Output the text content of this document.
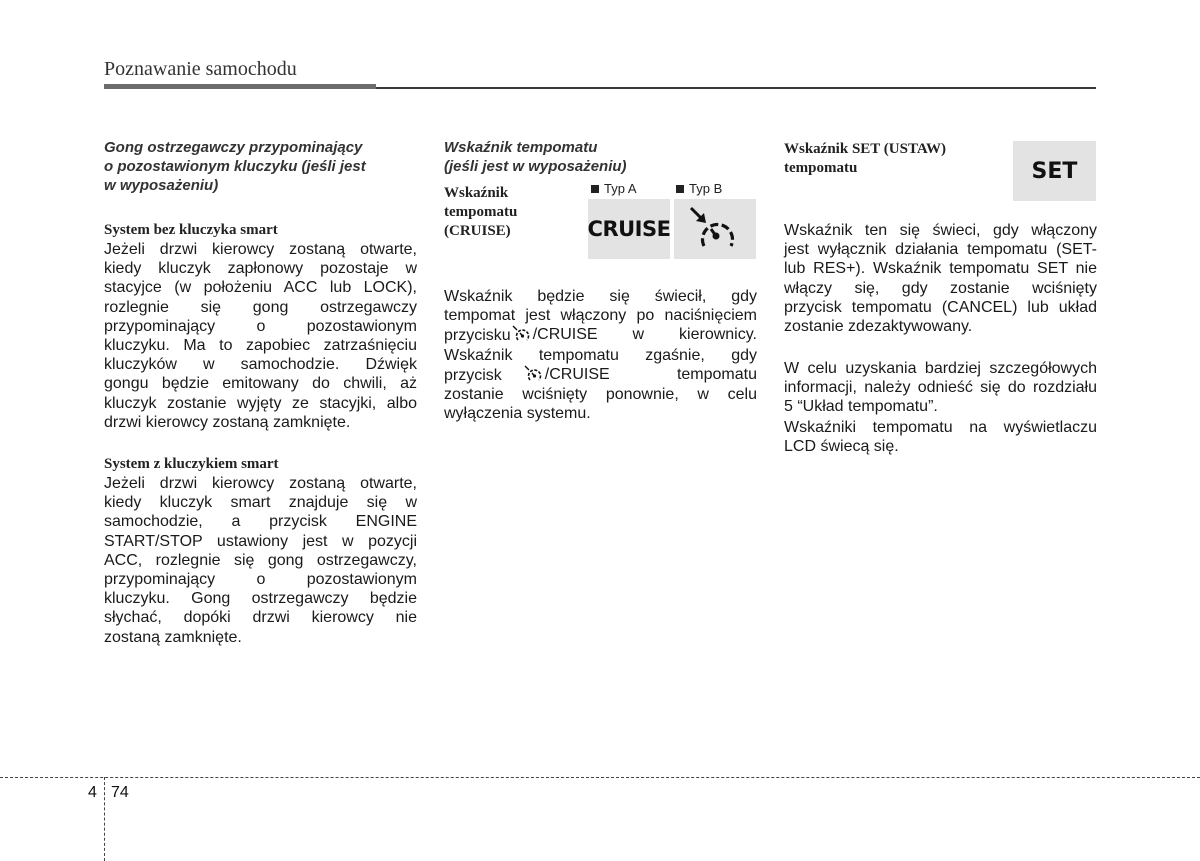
Poznawanie samochodu
Gong ostrzegawczy przypominający
o pozostawionym kluczyku (jeśli jest
w wyposażeniu)
System bez kluczyka smart
Jeżeli drzwi kierowcy zostaną otwarte,
kiedy kluczyk zapłonowy pozostaje w
stacyjce (w położeniu ACC lub LOCK),
rozlegnie się gong ostrzegawczy
przypominający o pozostawionym
kluczyku. Ma to zapobiec zatrzaśnięciu
kluczyków w samochodzie. Dźwięk
gongu będzie emitowany do chwili, aż
kluczyk zostanie wyjęty ze stacyjki, albo
drzwi kierowcy zostaną zamknięte.
System z kluczykiem smart
Jeżeli drzwi kierowcy zostaną otwarte,
kiedy kluczyk smart znajduje się w
samochodzie, a przycisk ENGINE
START/STOP ustawiony jest w pozycji
ACC, rozlegnie się gong ostrzegawczy,
przypominający o pozostawionym
kluczyku. Gong ostrzegawczy będzie
słychać, dopóki drzwi kierowcy nie
zostaną zamknięte.
Wskaźnik tempomatu
(jeśli jest w wyposażeniu)
Wskaźnik
tempomatu
(CRUISE)
Typ A	Typ B
CRUISE
Wskaźnik będzie się świecił, gdy
tempomat jest włączony po naciśnięciem
przycisku	/CRUISE w kierownicy.
Wskaźnik tempomatu zgaśnie, gdy
przycisk	/CRUISE tempomatu
zostanie wciśnięty ponownie, w celu
wyłączenia systemu.
Wskaźnik SET (USTAW)
tempomatu	SET
Wskaźnik ten się świeci, gdy włączony
jest wyłącznik działania tempomatu (SET-
lub RES+). Wskaźnik tempomatu SET nie
włączy się, gdy zostanie wciśnięty
przycisk tempomatu (CANCEL) lub układ
zostanie zdezaktywowany.
W celu uzyskania bardziej szczegółowych
informacji, należy odnieść się do rozdziału
5 “Układ tempomatu”.
Wskaźniki tempomatu na wyświetlaczu
LCD świecą się.
4 74
